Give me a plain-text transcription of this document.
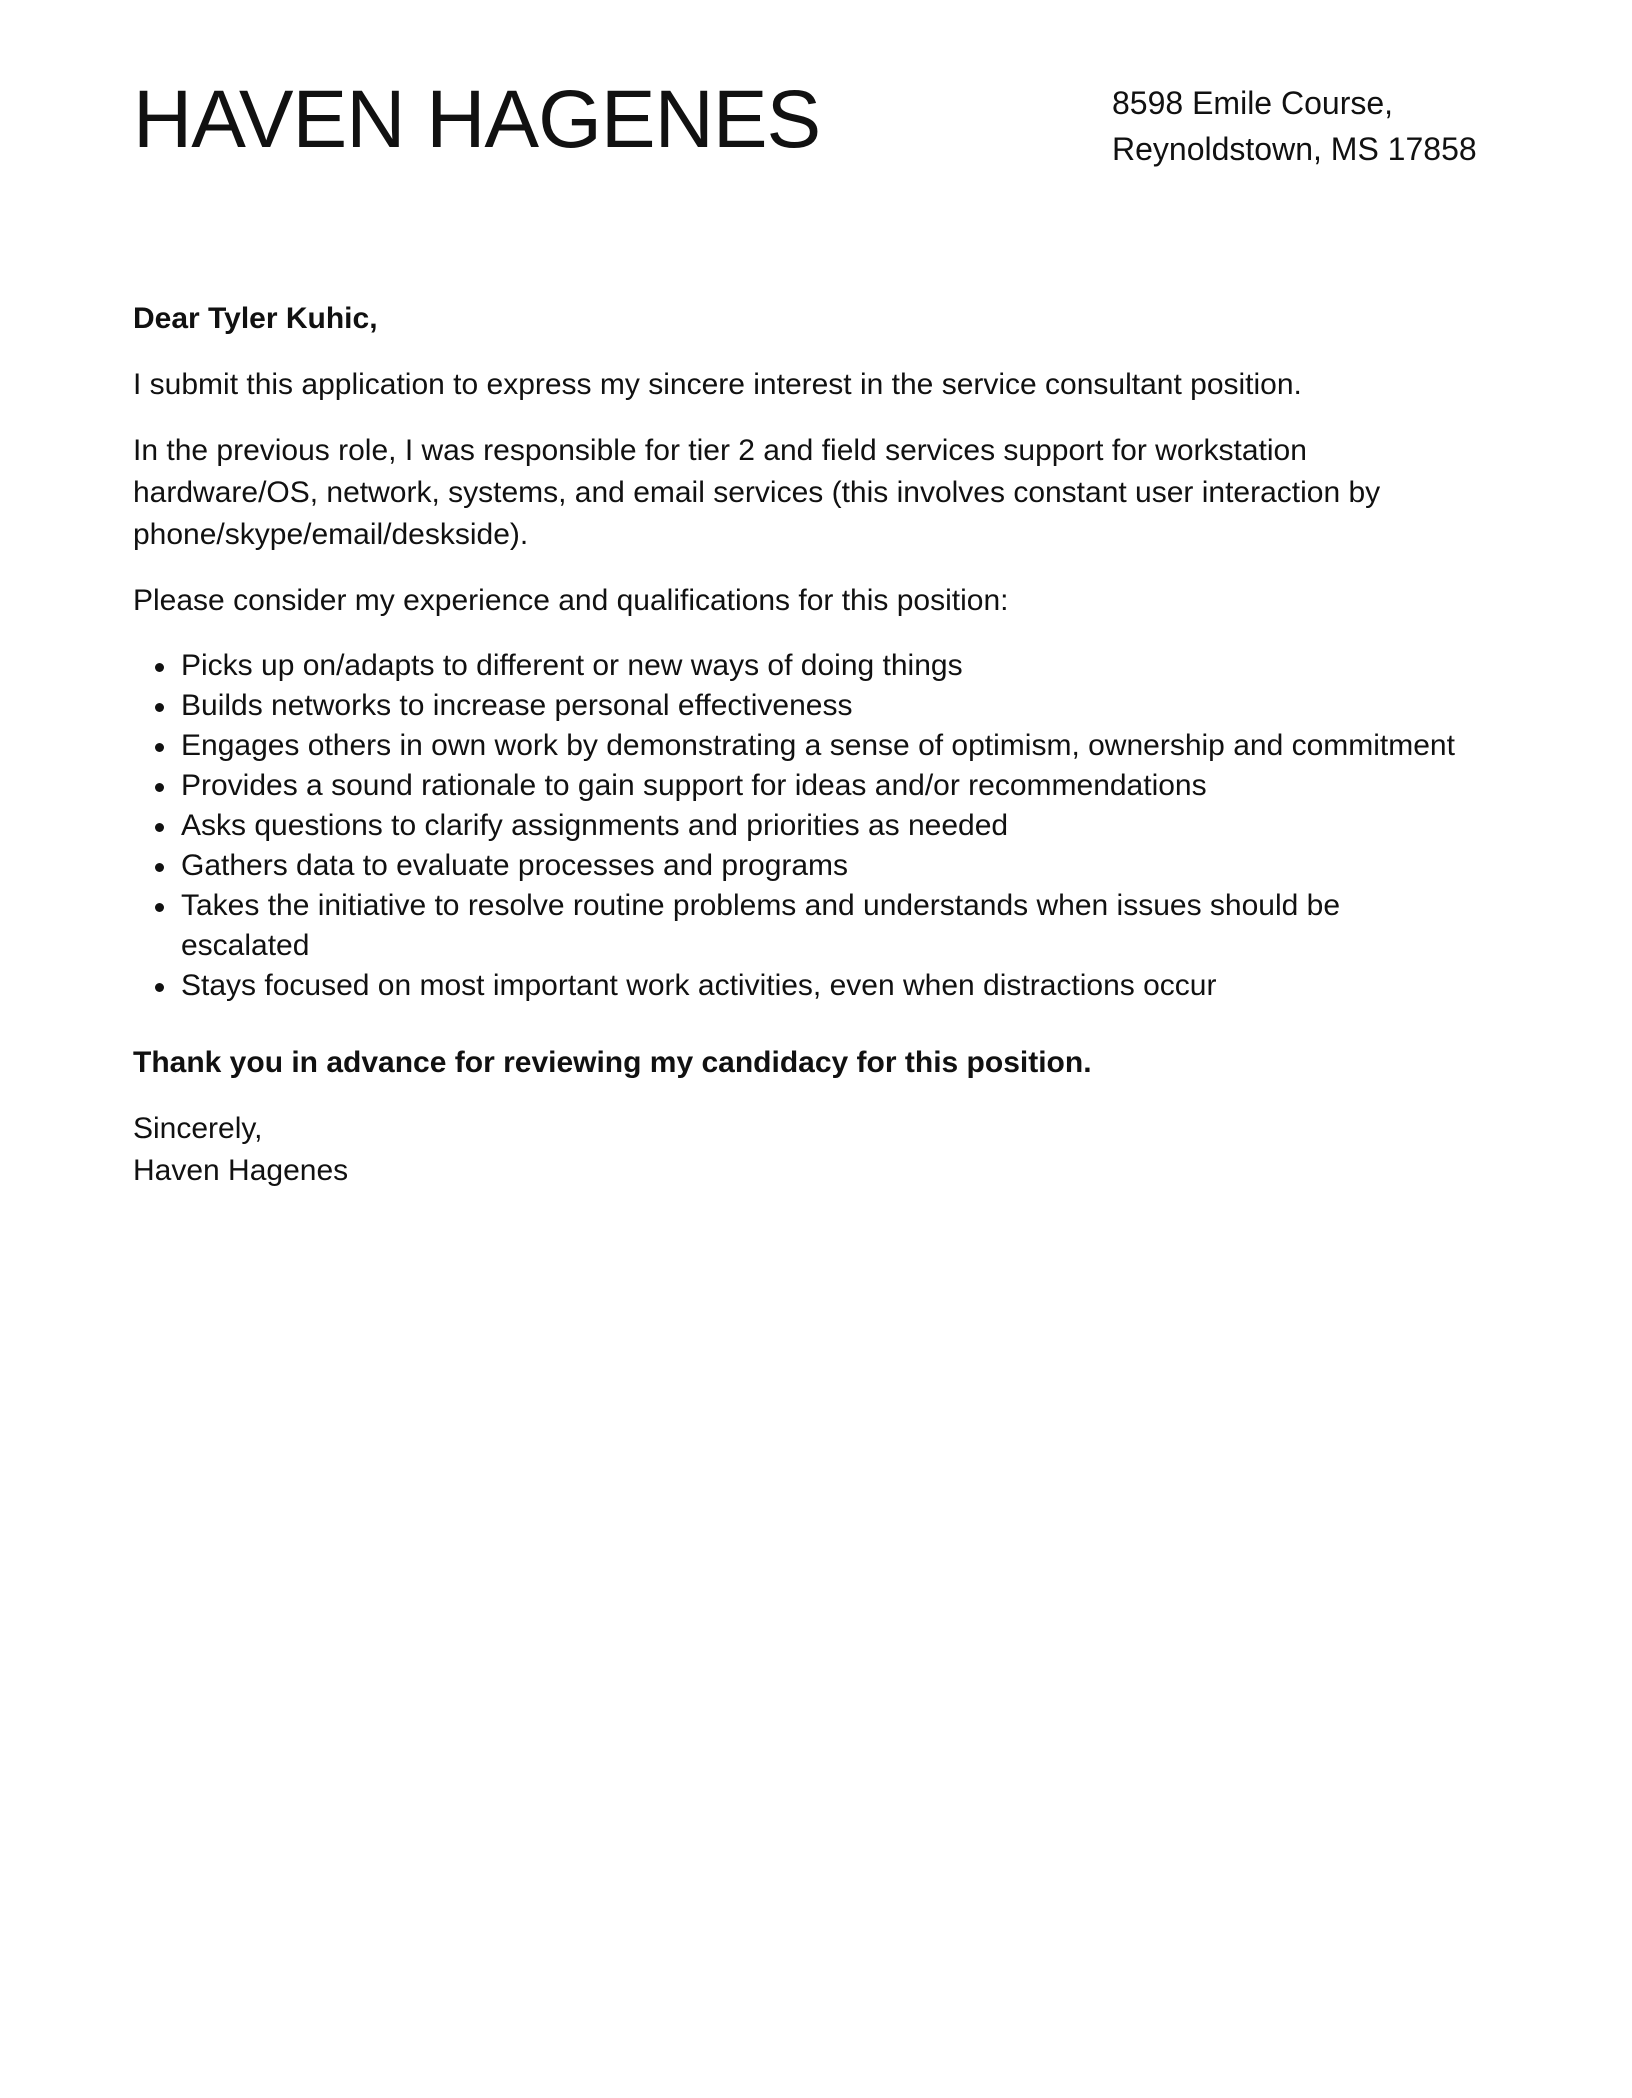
HAVEN HAGENES	8598 Emile Course,
Reynoldstown, MS 17858

Dear Tyler Kuhic,

I submit this application to express my sincere interest in the service consultant position.

In the previous role, I was responsible for tier 2 and field services support for workstation hardware/OS, network, systems, and email services (this involves constant user interaction by phone/skype/email/deskside).

Please consider my experience and qualifications for this position:

Picks up on/adapts to different or new ways of doing things
Builds networks to increase personal effectiveness
Engages others in own work by demonstrating a sense of optimism, ownership and commitment
Provides a sound rationale to gain support for ideas and/or recommendations
Asks questions to clarify assignments and priorities as needed
Gathers data to evaluate processes and programs
Takes the initiative to resolve routine problems and understands when issues should be escalated
Stays focused on most important work activities, even when distractions occur

Thank you in advance for reviewing my candidacy for this position.

Sincerely,

Haven Hagenes
